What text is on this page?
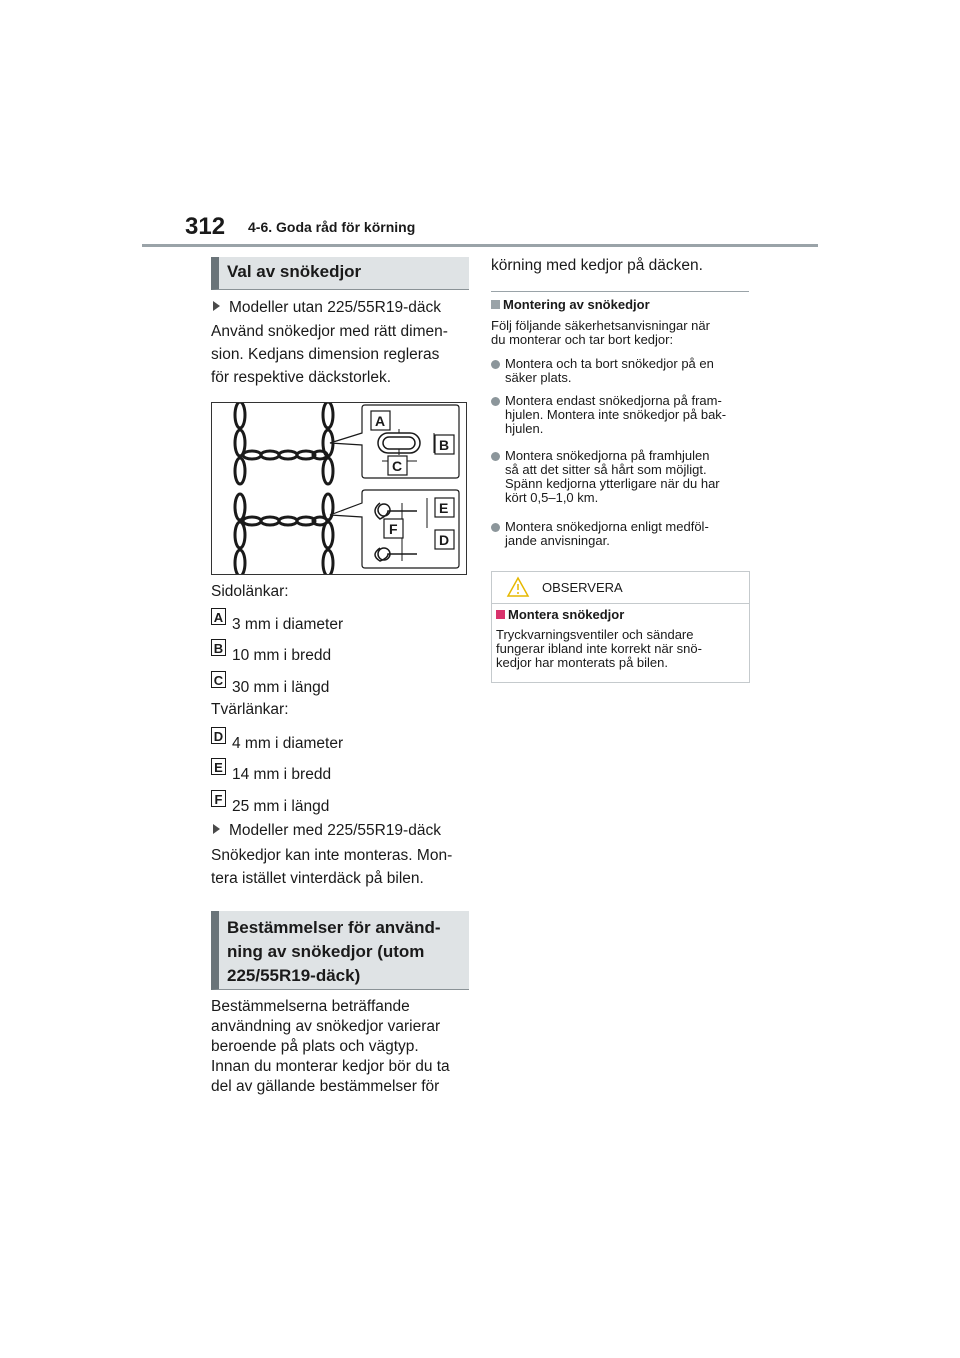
312 4-6. Goda råd för körning
Val av snökedjor
Modeller utan 225/55R19-däck
Använd snökedjor med rätt dimen-
sion. Kedjans dimension regleras
för respektive däckstorlek.
A
B
C
E
F
D
Sidolänkar:
A 3 mm i diameter
B 10 mm i bredd
C 30 mm i längd
Tvärlänkar:
D 4 mm i diameter
E 14 mm i bredd
F 25 mm i längd
Modeller med 225/55R19-däck
Snökedjor kan inte monteras. Mon-
tera istället vinterdäck på bilen.
Bestämmelser för använd-
ning av snökedjor (utom
225/55R19-däck)
Bestämmelserna beträffande
användning av snökedjor varierar
beroende på plats och vägtyp.
Innan du monterar kedjor bör du ta
del av gällande bestämmelser för
körning med kedjor på däcken.
Montering av snökedjor
Följ följande säkerhetsanvisningar när
du monterar och tar bort kedjor:
Montera och ta bort snökedjor på en
säker plats.
Montera endast snökedjorna på fram-
hjulen. Montera inte snökedjor på bak-
hjulen.
Montera snökedjorna på framhjulen
så att det sitter så hårt som möjligt.
Spänn kedjorna ytterligare när du har
kört 0,5–1,0 km.
Montera snökedjorna enligt medföl-
jande anvisningar.
OBSERVERA
Montera snökedjor
Tryckvarningsventiler och sändare
fungerar ibland inte korrekt när snö-
kedjor har monterats på bilen.
